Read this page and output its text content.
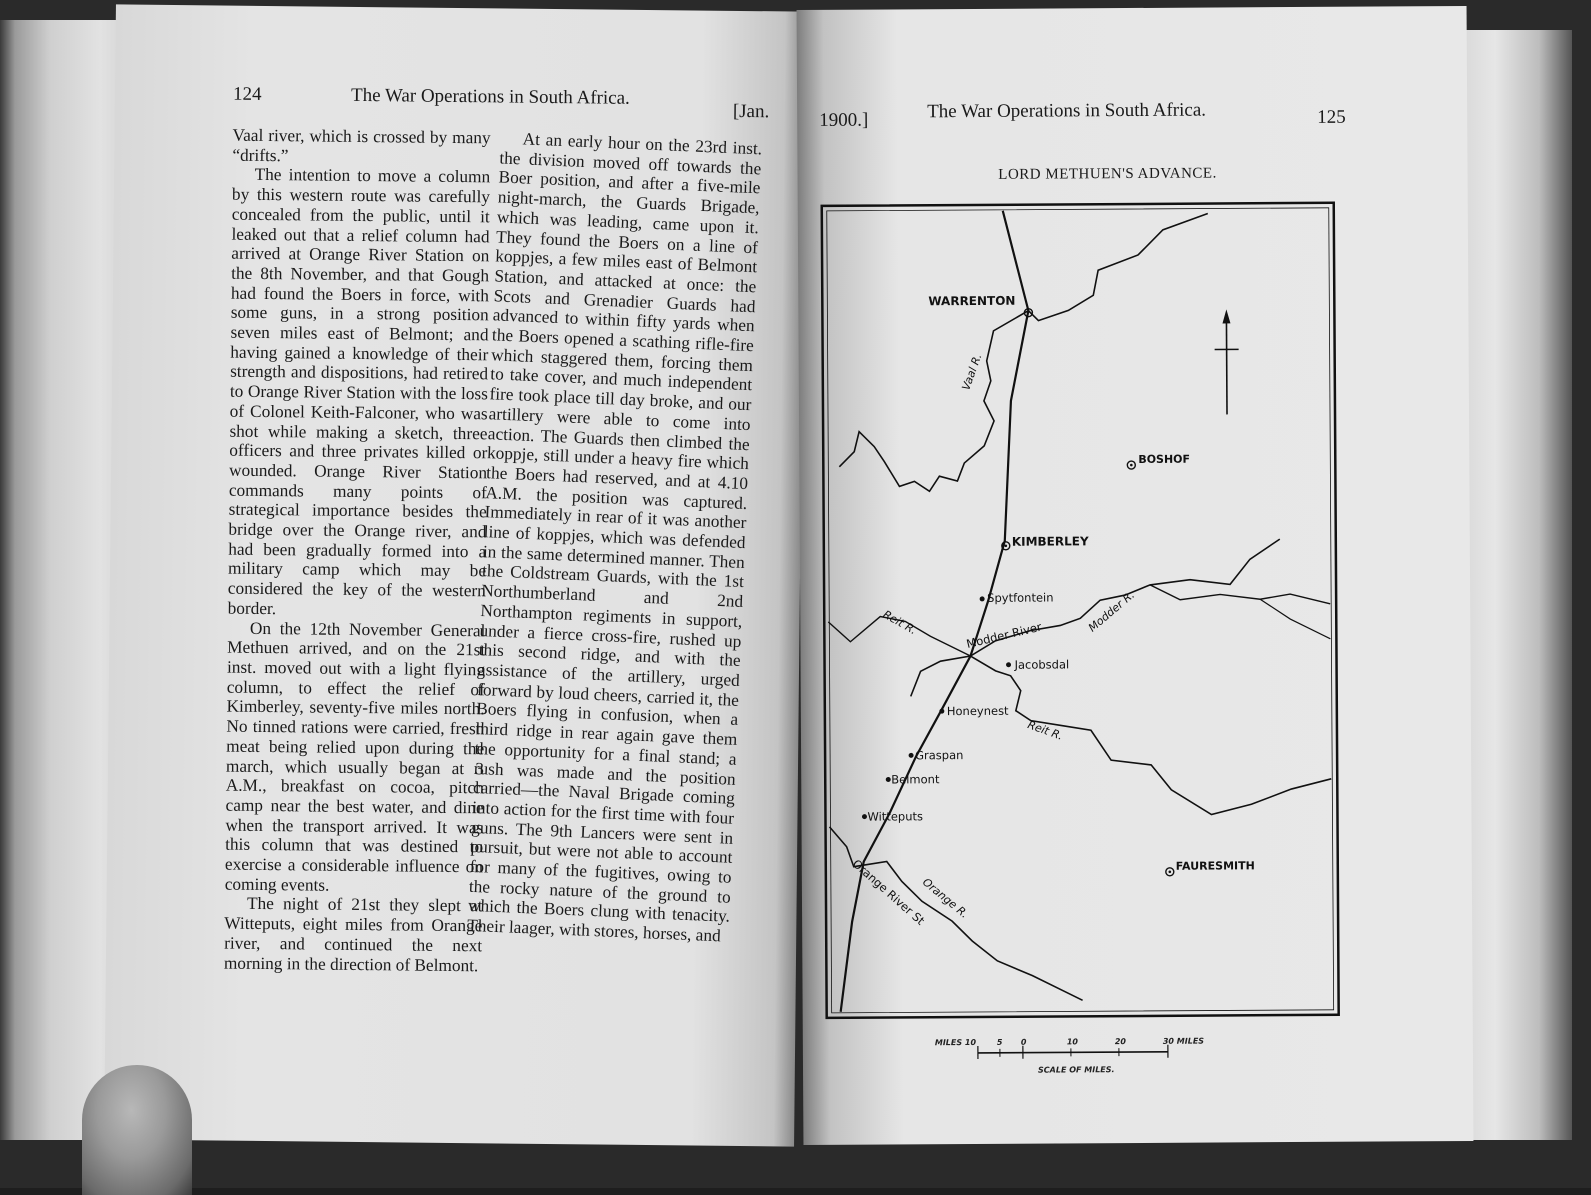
124	The War Operations in South Africa.
[Jan.

Vaal river, which is crossed by many “drifts.”

The intention to move a column by this western route was carefully concealed from the public, until it leaked out that a relief column had arrived at Orange River Station on the 8th November, and that Gough had found the Boers in force, with some guns, in a strong position seven miles east of Belmont; and having gained a knowledge of their strength and dispositions, had retired to Orange River Station with the loss of Colonel Keith-Falconer, who was shot while making a sketch, three officers and three privates killed or wounded. Orange River Station commands many points of strategical importance besides the bridge over the Orange river, and had been gradually formed into a military camp which may be considered the key of the western border.

On the 12th November General Methuen arrived, and on the 21st inst. moved out with a light flying column, to effect the relief of Kimberley, seventy-five miles north. No tinned rations were carried, fresh meat being relied upon during the march, which usually began at 3 A.M., breakfast on cocoa, pitch camp near the best water, and dine when the transport arrived. It was this column that was destined to exercise a considerable influence on coming events.

The night of 21st they slept at Witteputs, eight miles from Orange river, and continued the next morning in the direction of Belmont.

At an early hour on the 23rd inst. the division moved off towards the Boer position, and after a five-mile night-march, the Guards Brigade, which was leading, came upon it. They found the Boers on a line of koppjes, a few miles east of Belmont Station, and attacked at once: the Scots and Grenadier Guards had advanced to within fifty yards when the Boers opened a scathing rifle-fire which staggered them, forcing them to take cover, and much independent fire took place till day broke, and our artillery were able to come into action. The Guards then climbed the koppje, still under a heavy fire which the Boers had reserved, and at 4.10 A.M. the position was captured. Immediately in rear of it was another line of koppjes, which was defended in the same determined manner. Then the Coldstream Guards, with the 1st Northumberland and 2nd Northampton regiments in support, under a fierce cross-fire, rushed up this second ridge, and with the assistance of the artillery, urged forward by loud cheers, carried it, the Boers flying in confusion, when a third ridge in rear again gave them the opportunity for a final stand; a rush was made and the position carried—the Naval Brigade coming into action for the first time with four guns. The 9th Lancers were sent in pursuit, but were not able to account for many of the fugitives, owing to the rocky nature of the ground to which the Boers clung with tenacity. Their laager, with stores, horses, and

1900.]	The War Operations in South Africa.	125
LORD METHUEN'S ADVANCE.
WARRENTON
BOSHOF
KIMBERLEY
Spytfontein
Modder River
Jacobsdal
Honeynest
Graspan
Belmont
Witteputs
FAURESMITH
Orange River St
Vaal R.
Modder R.
Reit R.
Reit R.
Orange R.
MILES 10	5 0	10	20	30 MILES
SCALE OF MILES.
